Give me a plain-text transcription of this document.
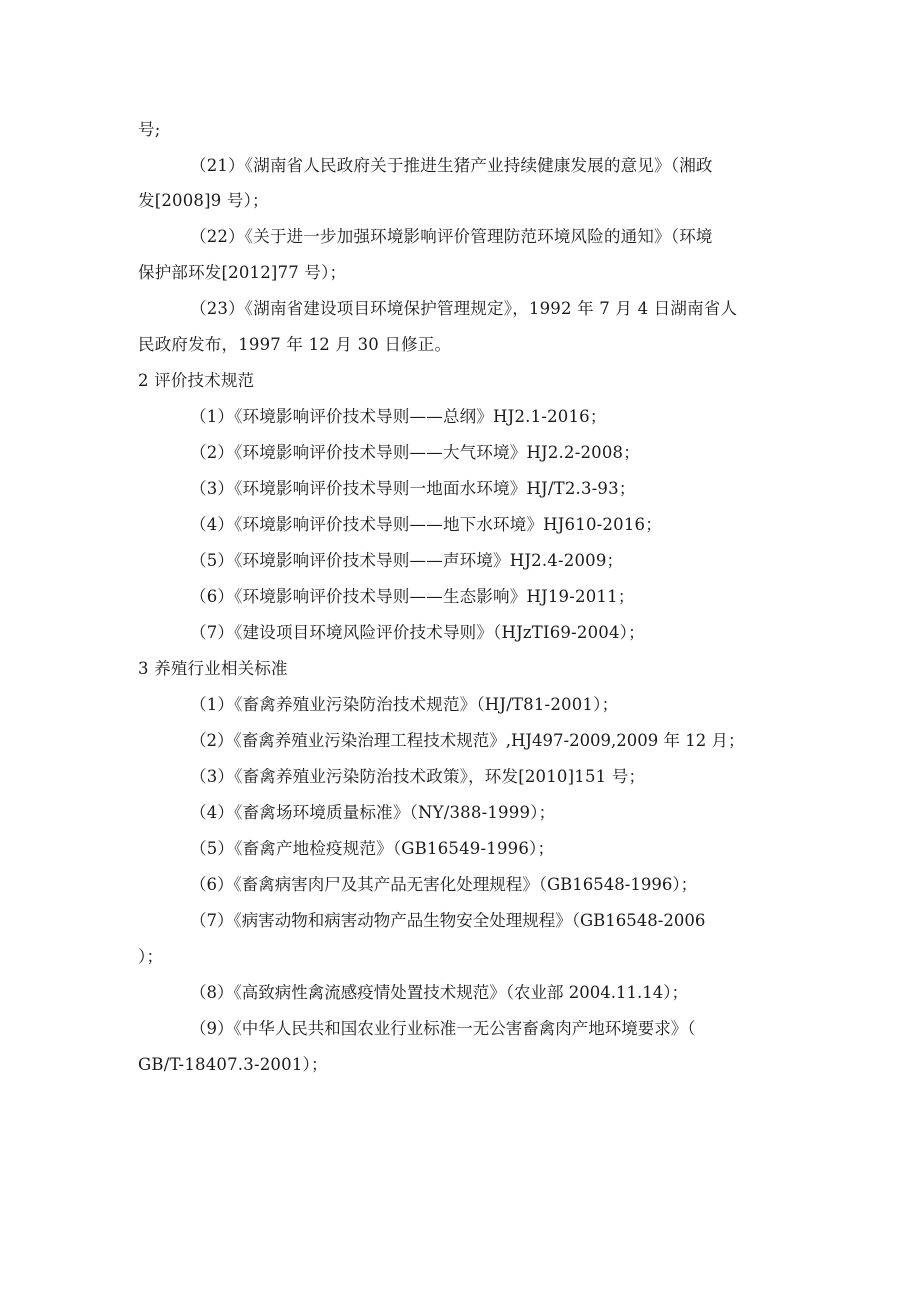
号;
（21）《湖南省人民政府关于推进生猪产业持续健康发展的意见》（湘政
发[2008]9 号）；
（22）《关于进一步加强环境影响评价管理防范环境风险的通知》（环境
保护部环发[2012]77 号）；
（23）《湖南省建设项目环境保护管理规定》，1992 年 7 月 4 日湖南省人
民政府发布，1997 年 12 月 30 日修正。
2 评价技术规范
（1）《环境影响评价技术导则——总纲》HJ2.1-2016；
（2）《环境影响评价技术导则——大气环境》HJ2.2-2008；
（3）《环境影响评价技术导则一地面水环境》HJ/T2.3-93；
（4）《环境影响评价技术导则——地下水环境》HJ610-2016；
（5）《环境影响评价技术导则——声环境》HJ2.4-2009；
（6）《环境影响评价技术导则——生态影响》HJ19-2011；
（7）《建设项目环境风险评价技术导则》（HJzTI69-2004）；
3 养殖行业相关标准
（1）《畜禽养殖业污染防治技术规范》（HJ/T81-2001）；
（2）《畜禽养殖业污染治理工程技术规范》,HJ497-2009,2009 年 12 月；
（3）《畜禽养殖业污染防治技术政策》，环发[2010]151 号；
（4）《畜禽场环境质量标准》（NY/388-1999）；
（5）《畜禽产地检疫规范》（GB16549-1996）；
（6）《畜禽病害肉尸及其产品无害化处理规程》（GB16548-1996）；
（7）《病害动物和病害动物产品生物安全处理规程》（GB16548-2006
）；
（8）《高致病性禽流感疫情处置技术规范》（农业部 2004.11.14）；
（9）《中华人民共和国农业行业标准一无公害畜禽肉产地环境要求》（
GB/T-18407.3-2001）；
